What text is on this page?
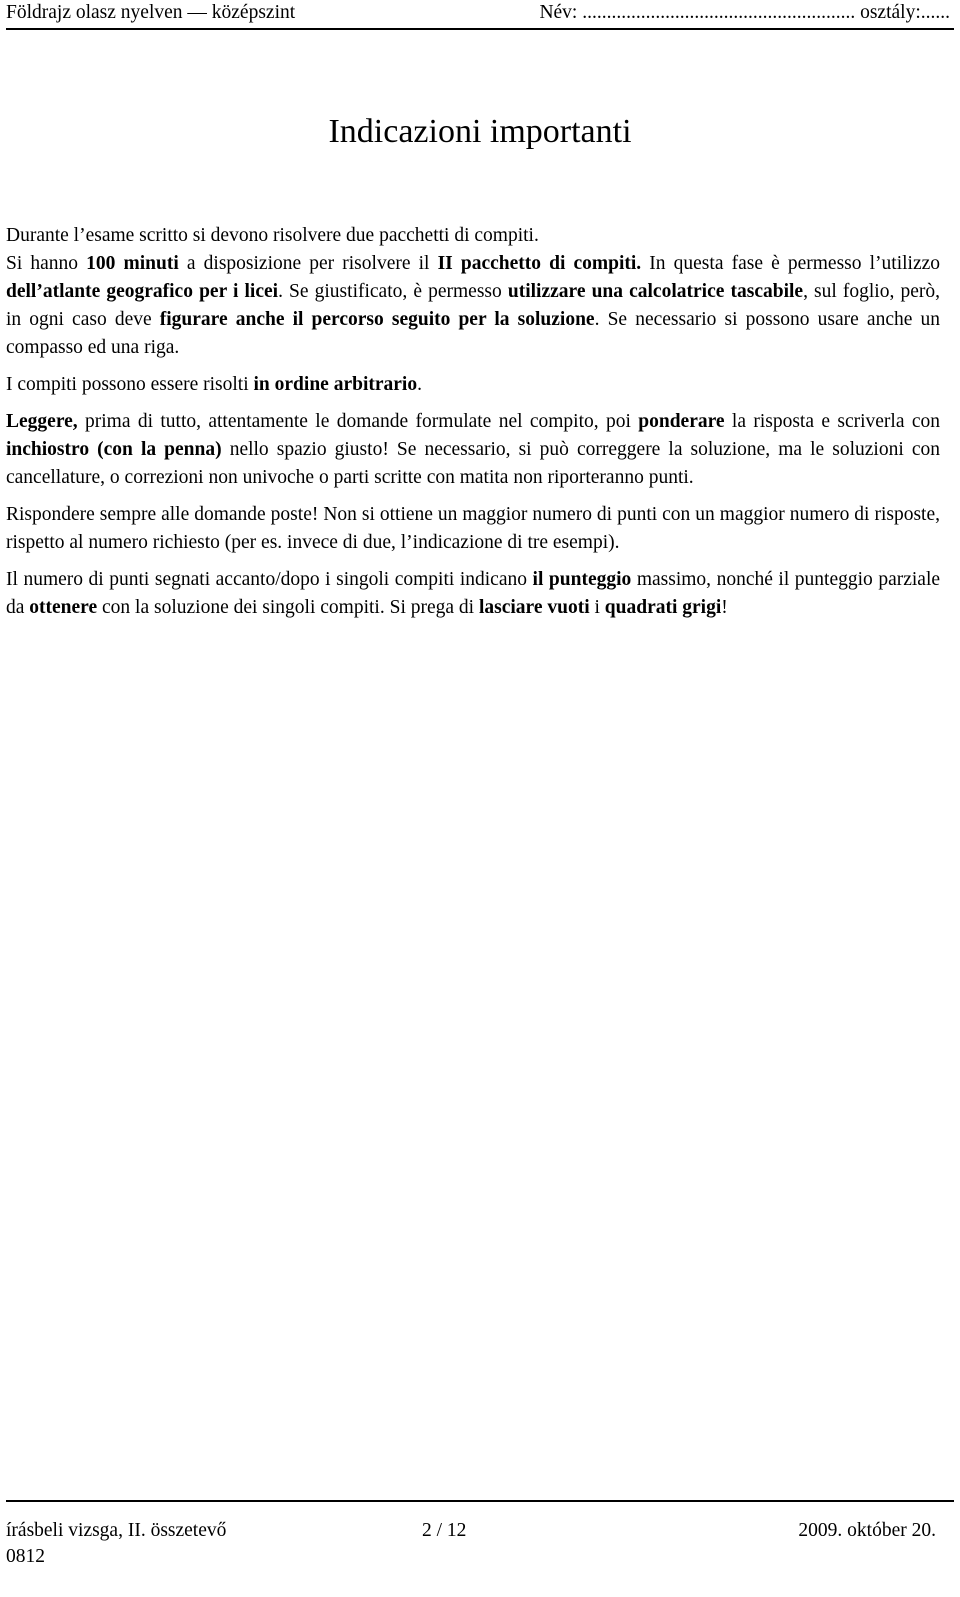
Földrajz olasz nyelven — középszint	Név: ........................................................ osztály:......
Indicazioni importanti

Durante l’esame scritto si devono risolvere due pacchetti di compiti.

Si hanno 100 minuti a disposizione per risolvere il II pacchetto di compiti. In questa fase è permesso l’utilizzo dell’atlante geografico per i licei. Se giustificato, è permesso utilizzare una calcolatrice tascabile, sul foglio, però, in ogni caso deve figurare anche il percorso seguito per la soluzione. Se necessario si possono usare anche un compasso ed una riga.

I compiti possono essere risolti in ordine arbitrario.

Leggere, prima di tutto, attentamente le domande formulate nel compito, poi ponderare la risposta e scriverla con inchiostro (con la penna) nello spazio giusto! Se necessario, si può correggere la soluzione, ma le soluzioni con cancellature, o correzioni non univoche o parti scritte con matita non riporteranno punti.

Rispondere sempre alle domande poste! Non si ottiene un maggior numero di punti con un maggior numero di risposte, rispetto al numero richiesto (per es. invece di due, l’indicazione di tre esempi).

Il numero di punti segnati accanto/dopo i singoli compiti indicano il punteggio massimo, nonché il punteggio parziale da ottenere con la soluzione dei singoli compiti. Si prega di lasciare vuoti i quadrati grigi!

írásbeli vizsga, II. összetevő	2 / 12	2009. október 20.
0812
